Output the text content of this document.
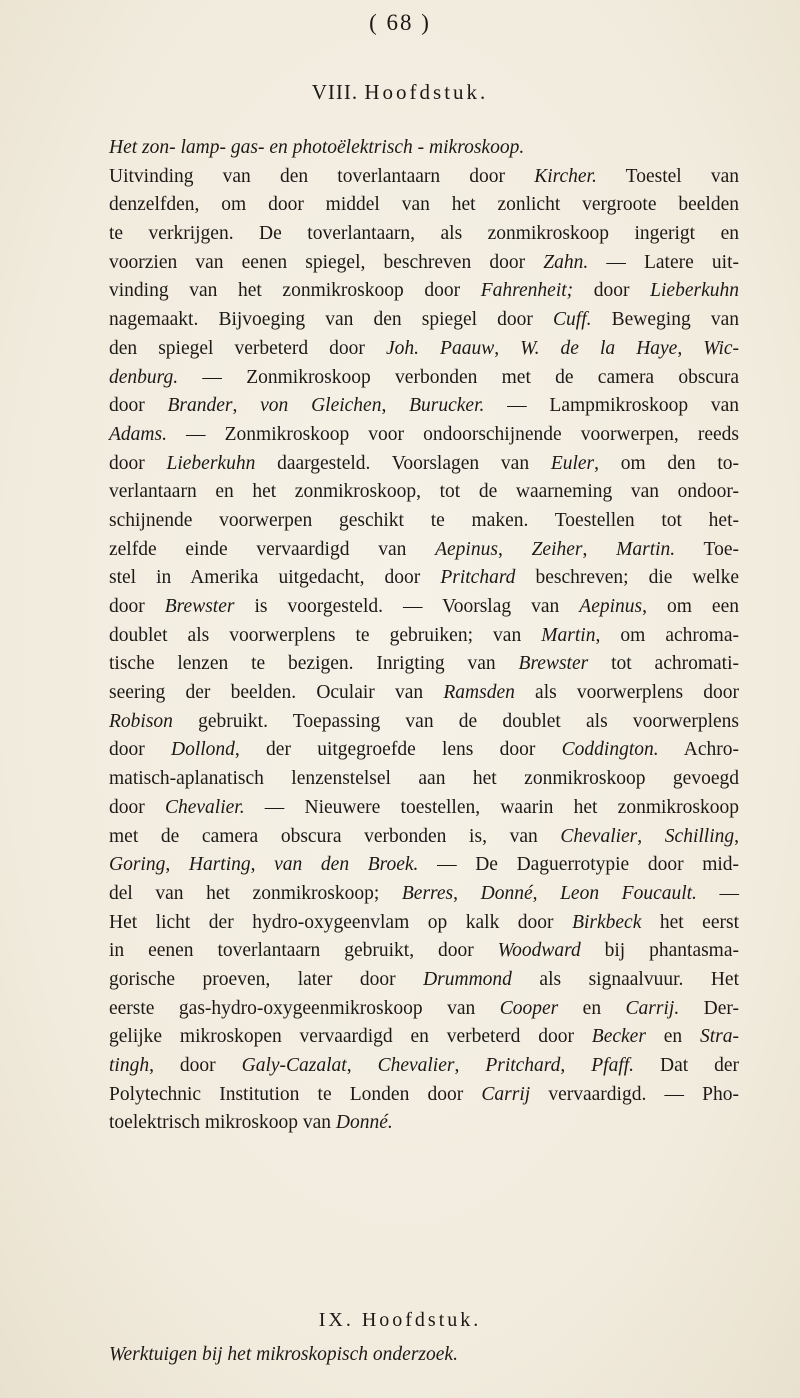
( 68 )
VIII. Hoofdstuk.
Het zon- lamp- gas- en photoëlektrisch - mikroskoop.
Uitvinding van den toverlantaarn door Kircher. Toestel van
denzelfden, om door middel van het zonlicht vergroote beelden
te verkrijgen. De toverlantaarn, als zonmikroskoop ingerigt en
voorzien van eenen spiegel, beschreven door Zahn. — Latere uit-
vinding van het zonmikroskoop door Fahrenheit; door Lieberkuhn
nagemaakt. Bijvoeging van den spiegel door Cuff. Beweging van
den spiegel verbeterd door Joh. Paauw, W. de la Haye, Wic-
denburg. — Zonmikroskoop verbonden met de camera obscura
door Brander, von Gleichen, Burucker. — Lampmikroskoop van
Adams. — Zonmikroskoop voor ondoorschijnende voorwerpen, reeds
door Lieberkuhn daargesteld. Voorslagen van Euler, om den to-
verlantaarn en het zonmikroskoop, tot de waarneming van ondoor-
schijnende voorwerpen geschikt te maken. Toestellen tot het-
zelfde einde vervaardigd van Aepinus, Zeiher, Martin. Toe-
stel in Amerika uitgedacht, door Pritchard beschreven; die welke
door Brewster is voorgesteld. — Voorslag van Aepinus, om een
doublet als voorwerplens te gebruiken; van Martin, om achroma-
tische lenzen te bezigen. Inrigting van Brewster tot achromati-
seering der beelden. Oculair van Ramsden als voorwerplens door
Robison gebruikt. Toepassing van de doublet als voorwerplens
door Dollond, der uitgegroefde lens door Coddington. Achro-
matisch-aplanatisch lenzenstelsel aan het zonmikroskoop gevoegd
door Chevalier. — Nieuwere toestellen, waarin het zonmikroskoop
met de camera obscura verbonden is, van Chevalier, Schilling,
Goring, Harting, van den Broek. — De Daguerrotypie door mid-
del van het zonmikroskoop; Berres, Donné, Leon Foucault. —
Het licht der hydro-oxygeenvlam op kalk door Birkbeck het eerst
in eenen toverlantaarn gebruikt, door Woodward bij phantasma-
gorische proeven, later door Drummond als signaalvuur. Het
eerste gas-hydro-oxygeenmikroskoop van Cooper en Carrij. Der-
gelijke mikroskopen vervaardigd en verbeterd door Becker en Stra-
tingh, door Galy-Cazalat, Chevalier, Pritchard, Pfaff. Dat der
Polytechnic Institution te Londen door Carrij vervaardigd. — Pho-
toelektrisch mikroskoop van Donné.
IX. Hoofdstuk.
Werktuigen bij het mikroskopisch onderzoek.
